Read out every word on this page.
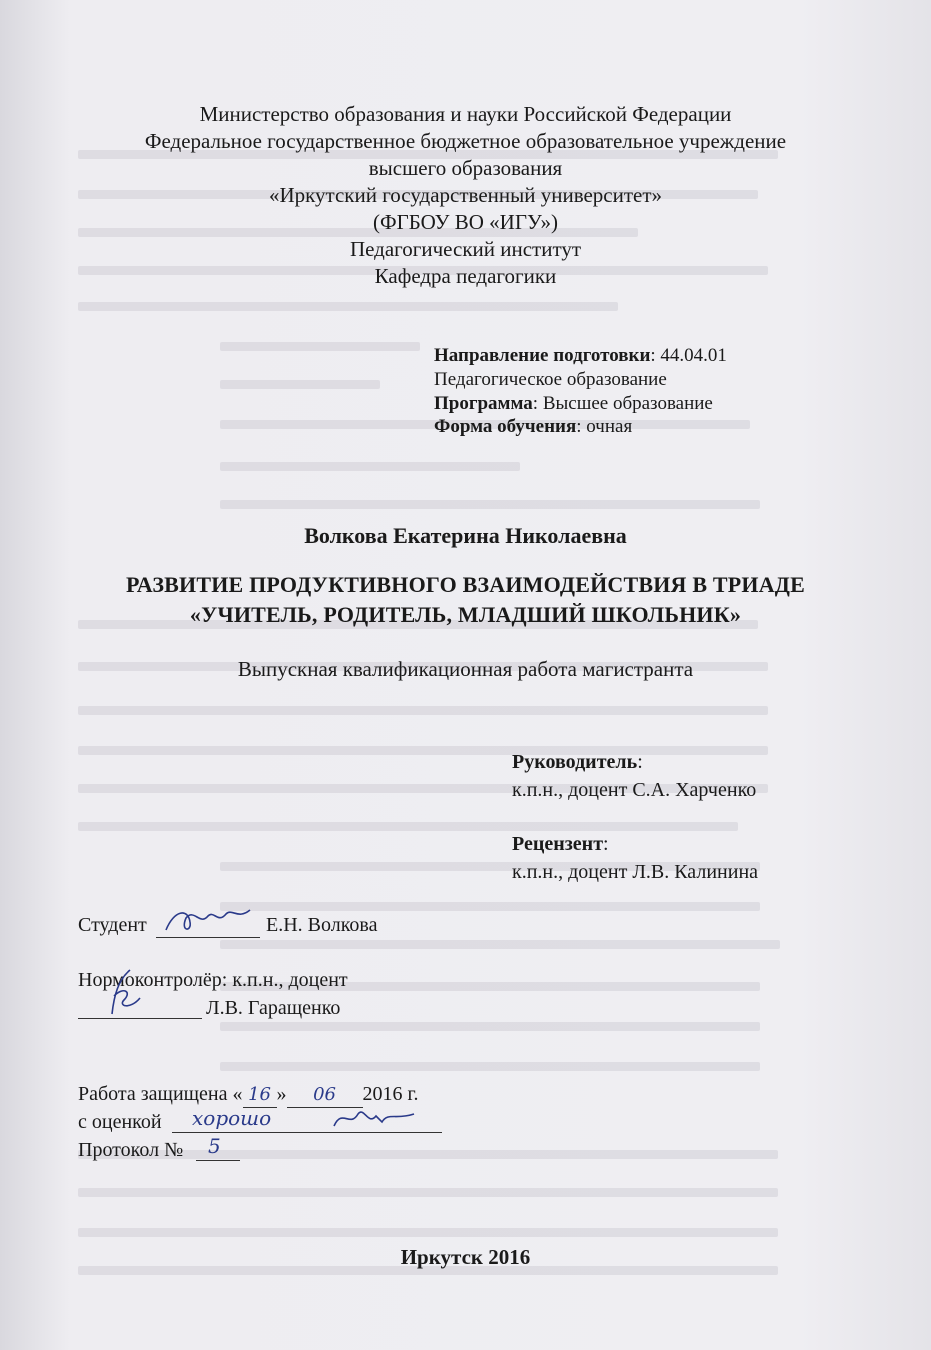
Министерство образования и науки Российской Федерации
Федеральное государственное бюджетное образовательное учреждение
высшего образования
«Иркутский государственный университет»
(ФГБОУ ВО «ИГУ»)
Педагогический институт
Кафедра педагогики
Направление подготовки: 44.04.01
Педагогическое образование
Программа: Высшее образование
Форма обучения: очная
Волкова Екатерина Николаевна
РАЗВИТИЕ ПРОДУКТИВНОГО ВЗАИМОДЕЙСТВИЯ В ТРИАДЕ
«УЧИТЕЛЬ, РОДИТЕЛЬ, МЛАДШИЙ ШКОЛЬНИК»
Выпускная квалификационная работа магистранта
Руководитель:
к.п.н., доцент С.А. Харченко
Рецензент:
к.п.н., доцент Л.В. Калинина
Студент	Е.Н. Волкова
Нормоконтролёр: к.п.н., доцент
Л.В. Гаращенко
Работа защищена « 16 » 06 2016 г.
с оценкой хорошо
Протокол № 5
Иркутск 2016
